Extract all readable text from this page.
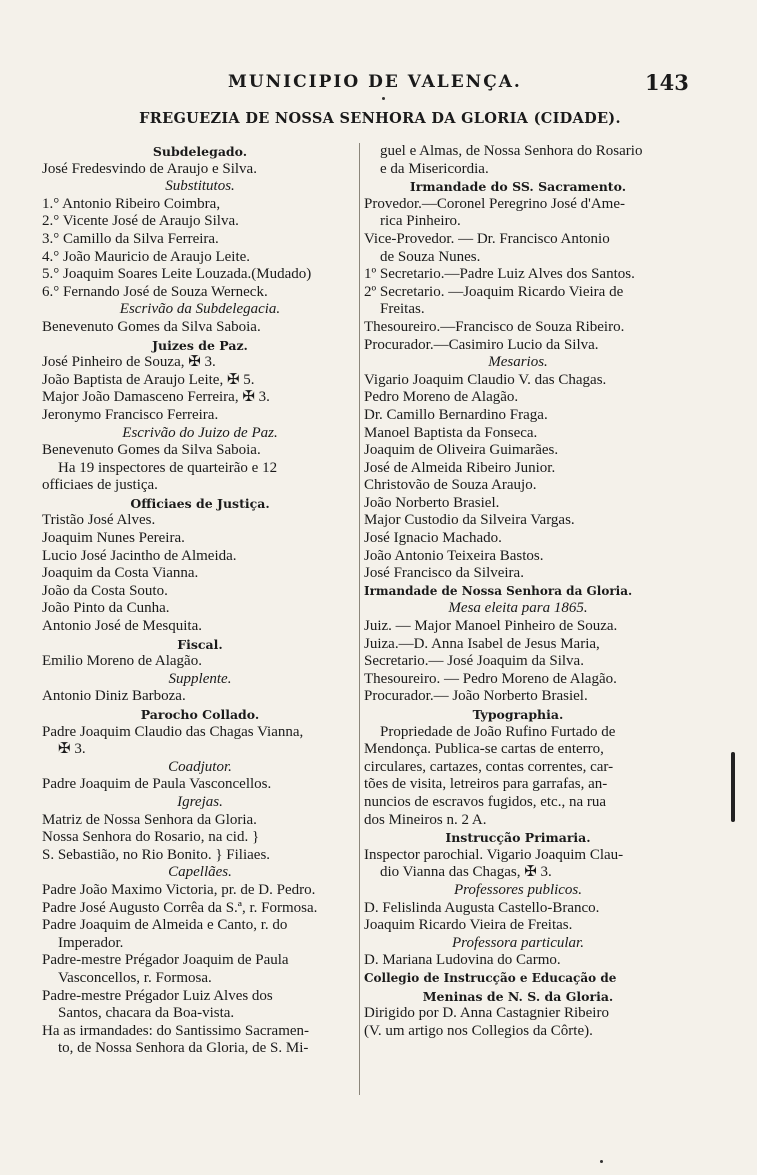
MUNICIPIO DE VALENÇA.	143
FREGUEZIA DE NOSSA SENHORA DA GLORIA (CIDADE).
Subdelegado.
José Fredesvindo de Araujo e Silva.
Substitutos.
1.° Antonio Ribeiro Coimbra,
2.° Vicente José de Araujo Silva.
3.° Camillo da Silva Ferreira.
4.° João Mauricio de Araujo Leite.
5.° Joaquim Soares Leite Louzada.(Mudado)
6.° Fernando José de Souza Werneck.
Escrivão da Subdelegacia.
Benevenuto Gomes da Silva Saboia.
Juizes de Paz.
José Pinheiro de Souza, ✠ 3.
João Baptista de Araujo Leite, ✠ 5.
Major João Damasceno Ferreira, ✠ 3.
Jeronymo Francisco Ferreira.
Escrivão do Juizo de Paz.
Benevenuto Gomes da Silva Saboia.
Ha 19 inspectores de quarteirão e 12
officiaes de justiça.
Officiaes de Justiça.
Tristão José Alves.
Joaquim Nunes Pereira.
Lucio José Jacintho de Almeida.
Joaquim da Costa Vianna.
João da Costa Souto.
João Pinto da Cunha.
Antonio José de Mesquita.
Fiscal.
Emilio Moreno de Alagão.
Supplente.
Antonio Diniz Barboza.
Parocho Collado.
Padre Joaquim Claudio das Chagas Vianna,
✠ 3.
Coadjutor.
Padre Joaquim de Paula Vasconcellos.
Igrejas.
Matriz de Nossa Senhora da Gloria.
Nossa Senhora do Rosario, na cid. }
S. Sebastião, no Rio Bonito. } Filiaes.
Capellães.
Padre João Maximo Victoria, pr. de D. Pedro.
Padre José Augusto Corrêa da S.ª, r. Formosa.
Padre Joaquim de Almeida e Canto, r. do
Imperador.
Padre-mestre Prégador Joaquim de Paula
Vasconcellos, r. Formosa.
Padre-mestre Prégador Luiz Alves dos
Santos, chacara da Boa-vista.
Ha as irmandades: do Santissimo Sacramen-
to, de Nossa Senhora da Gloria, de S. Mi-
guel e Almas, de Nossa Senhora do Rosario
e da Misericordia.
Irmandade do SS. Sacramento.
Provedor.—Coronel Peregrino José d'Ame-
rica Pinheiro.
Vice-Provedor. — Dr. Francisco Antonio
de Souza Nunes.
1º Secretario.—Padre Luiz Alves dos Santos.
2º Secretario. —Joaquim Ricardo Vieira de
Freitas.
Thesoureiro.—Francisco de Souza Ribeiro.
Procurador.—Casimiro Lucio da Silva.
Mesarios.
Vigario Joaquim Claudio V. das Chagas.
Pedro Moreno de Alagão.
Dr. Camillo Bernardino Fraga.
Manoel Baptista da Fonseca.
Joaquim de Oliveira Guimarães.
José de Almeida Ribeiro Junior.
Christovão de Souza Araujo.
João Norberto Brasiel.
Major Custodio da Silveira Vargas.
José Ignacio Machado.
João Antonio Teixeira Bastos.
José Francisco da Silveira.
Irmandade de Nossa Senhora da Gloria.
Mesa eleita para 1865.
Juiz. — Major Manoel Pinheiro de Souza.
Juiza.—D. Anna Isabel de Jesus Maria,
Secretario.— José Joaquim da Silva.
Thesoureiro. — Pedro Moreno de Alagão.
Procurador.— João Norberto Brasiel.
Typographia.
Propriedade de João Rufino Furtado de
Mendonça. Publica-se cartas de enterro,
circulares, cartazes, contas correntes, car-
tões de visita, letreiros para garrafas, an-
nuncios de escravos fugidos, etc., na rua
dos Mineiros n. 2 A.
Instrucção Primaria.
Inspector parochial. Vigario Joaquim Clau-
dio Vianna das Chagas, ✠ 3.
Professores publicos.
D. Felislinda Augusta Castello-Branco.
Joaquim Ricardo Vieira de Freitas.
Professora particular.
D. Mariana Ludovina do Carmo.
Collegio de Instrucção e Educação de
Meninas de N. S. da Gloria.
Dirigido por D. Anna Castagnier Ribeiro
(V. um artigo nos Collegios da Côrte).
